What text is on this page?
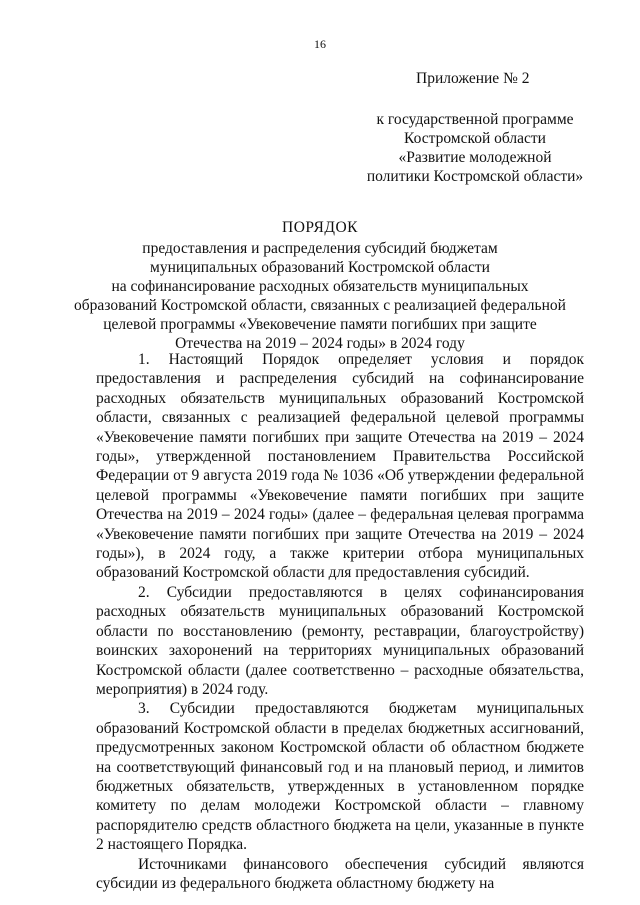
16
Приложение № 2
к государственной программе
Костромской области
«Развитие молодежной
политики Костромской области»
ПОРЯДОК
предоставления и распределения субсидий бюджетам
муниципальных образований Костромской области
на софинансирование расходных обязательств муниципальных
образований Костромской области, связанных с реализацией федеральной
целевой программы «Увековечение памяти погибших при защите
Отечества на 2019 – 2024 годы» в 2024 году

1. Настоящий Порядок определяет условия и порядок предоставления и распределения субсидий на софинансирование расходных обязательств муниципальных образований Костромской области, связанных с реализацией федеральной целевой программы «Увековечение памяти погибших при защите Отечества на 2019 – 2024 годы», утвержденной постановлением Правительства Российской Федерации от 9 августа 2019 года № 1036 «Об утверждении федеральной целевой программы «Увековечение памяти погибших при защите Отечества на 2019 – 2024 годы» (далее – федеральная целевая программа «Увековечение памяти погибших при защите Отечества на 2019 – 2024 годы»), в 2024 году, а также критерии отбора муниципальных образований Костромской области для предоставления субсидий.

2. Субсидии предоставляются в целях софинансирования расходных обязательств муниципальных образований Костромской области по восстановлению (ремонту, реставрации, благоустройству) воинских захоронений на территориях муниципальных образований Костромской области (далее соответственно – расходные обязательства, мероприятия) в 2024 году.

3. Субсидии предоставляются бюджетам муниципальных образований Костромской области в пределах бюджетных ассигнований, предусмотренных законом Костромской области об областном бюджете на соответствующий финансовый год и на плановый период, и лимитов бюджетных обязательств, утвержденных в установленном порядке комитету по делам молодежи Костромской области – главному распорядителю средств областного бюджета на цели, указанные в пункте 2 настоящего Порядка.

Источниками финансового обеспечения субсидий являются субсидии из федерального бюджета областному бюджету на
